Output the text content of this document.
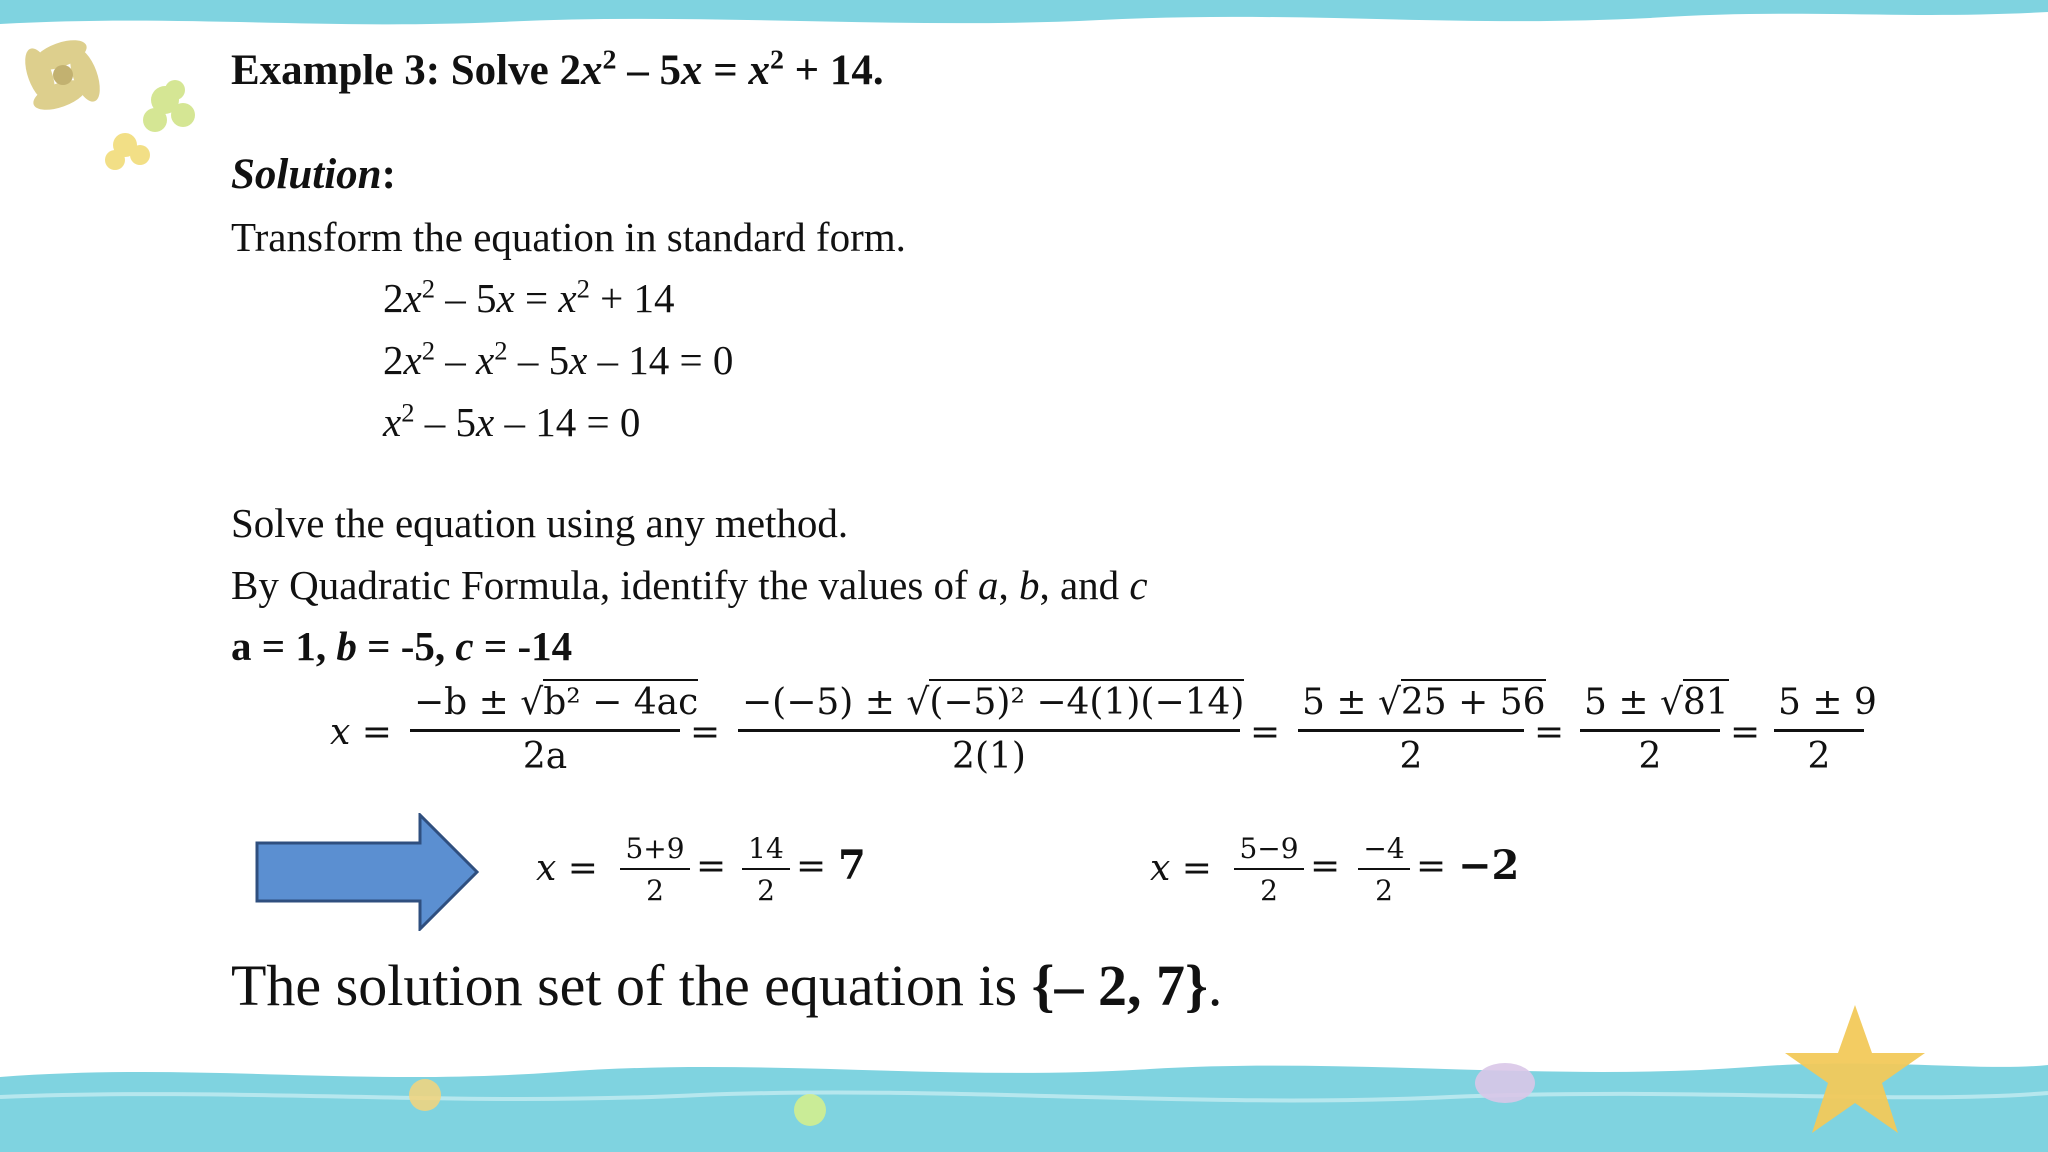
Example 3: Solve $2x^2 - 5x = x^2 + 14$.
Solution:
Transform the equation in standard form.
$2x^2 - 5x = x^2 + 14$
$2x^2 - x^2 - 5x - 14 = 0$
$x^2 - 5x - 14 = 0$
Solve the equation using any method.
By Quadratic Formula, identify the values of a, b, and c
a = 1, b = -5, c = -14
$x = \frac{\text{−b ± √b² − 4ac}}{2a} = \frac{\text{−(−5) ± √(−5)² −4(1)(−14)}}{2(1)} = \frac{5 \pm √25 + 56}{2} = \frac{5 \pm √81}{2} = \frac{5 \pm 9}{2}$
$x = \frac{5+9}{2} = \frac{14}{2} = 7$	$x = \frac{5-9}{2} = \frac{-4}{2} = -2$
The solution set of the equation is {– 2, 7}.
